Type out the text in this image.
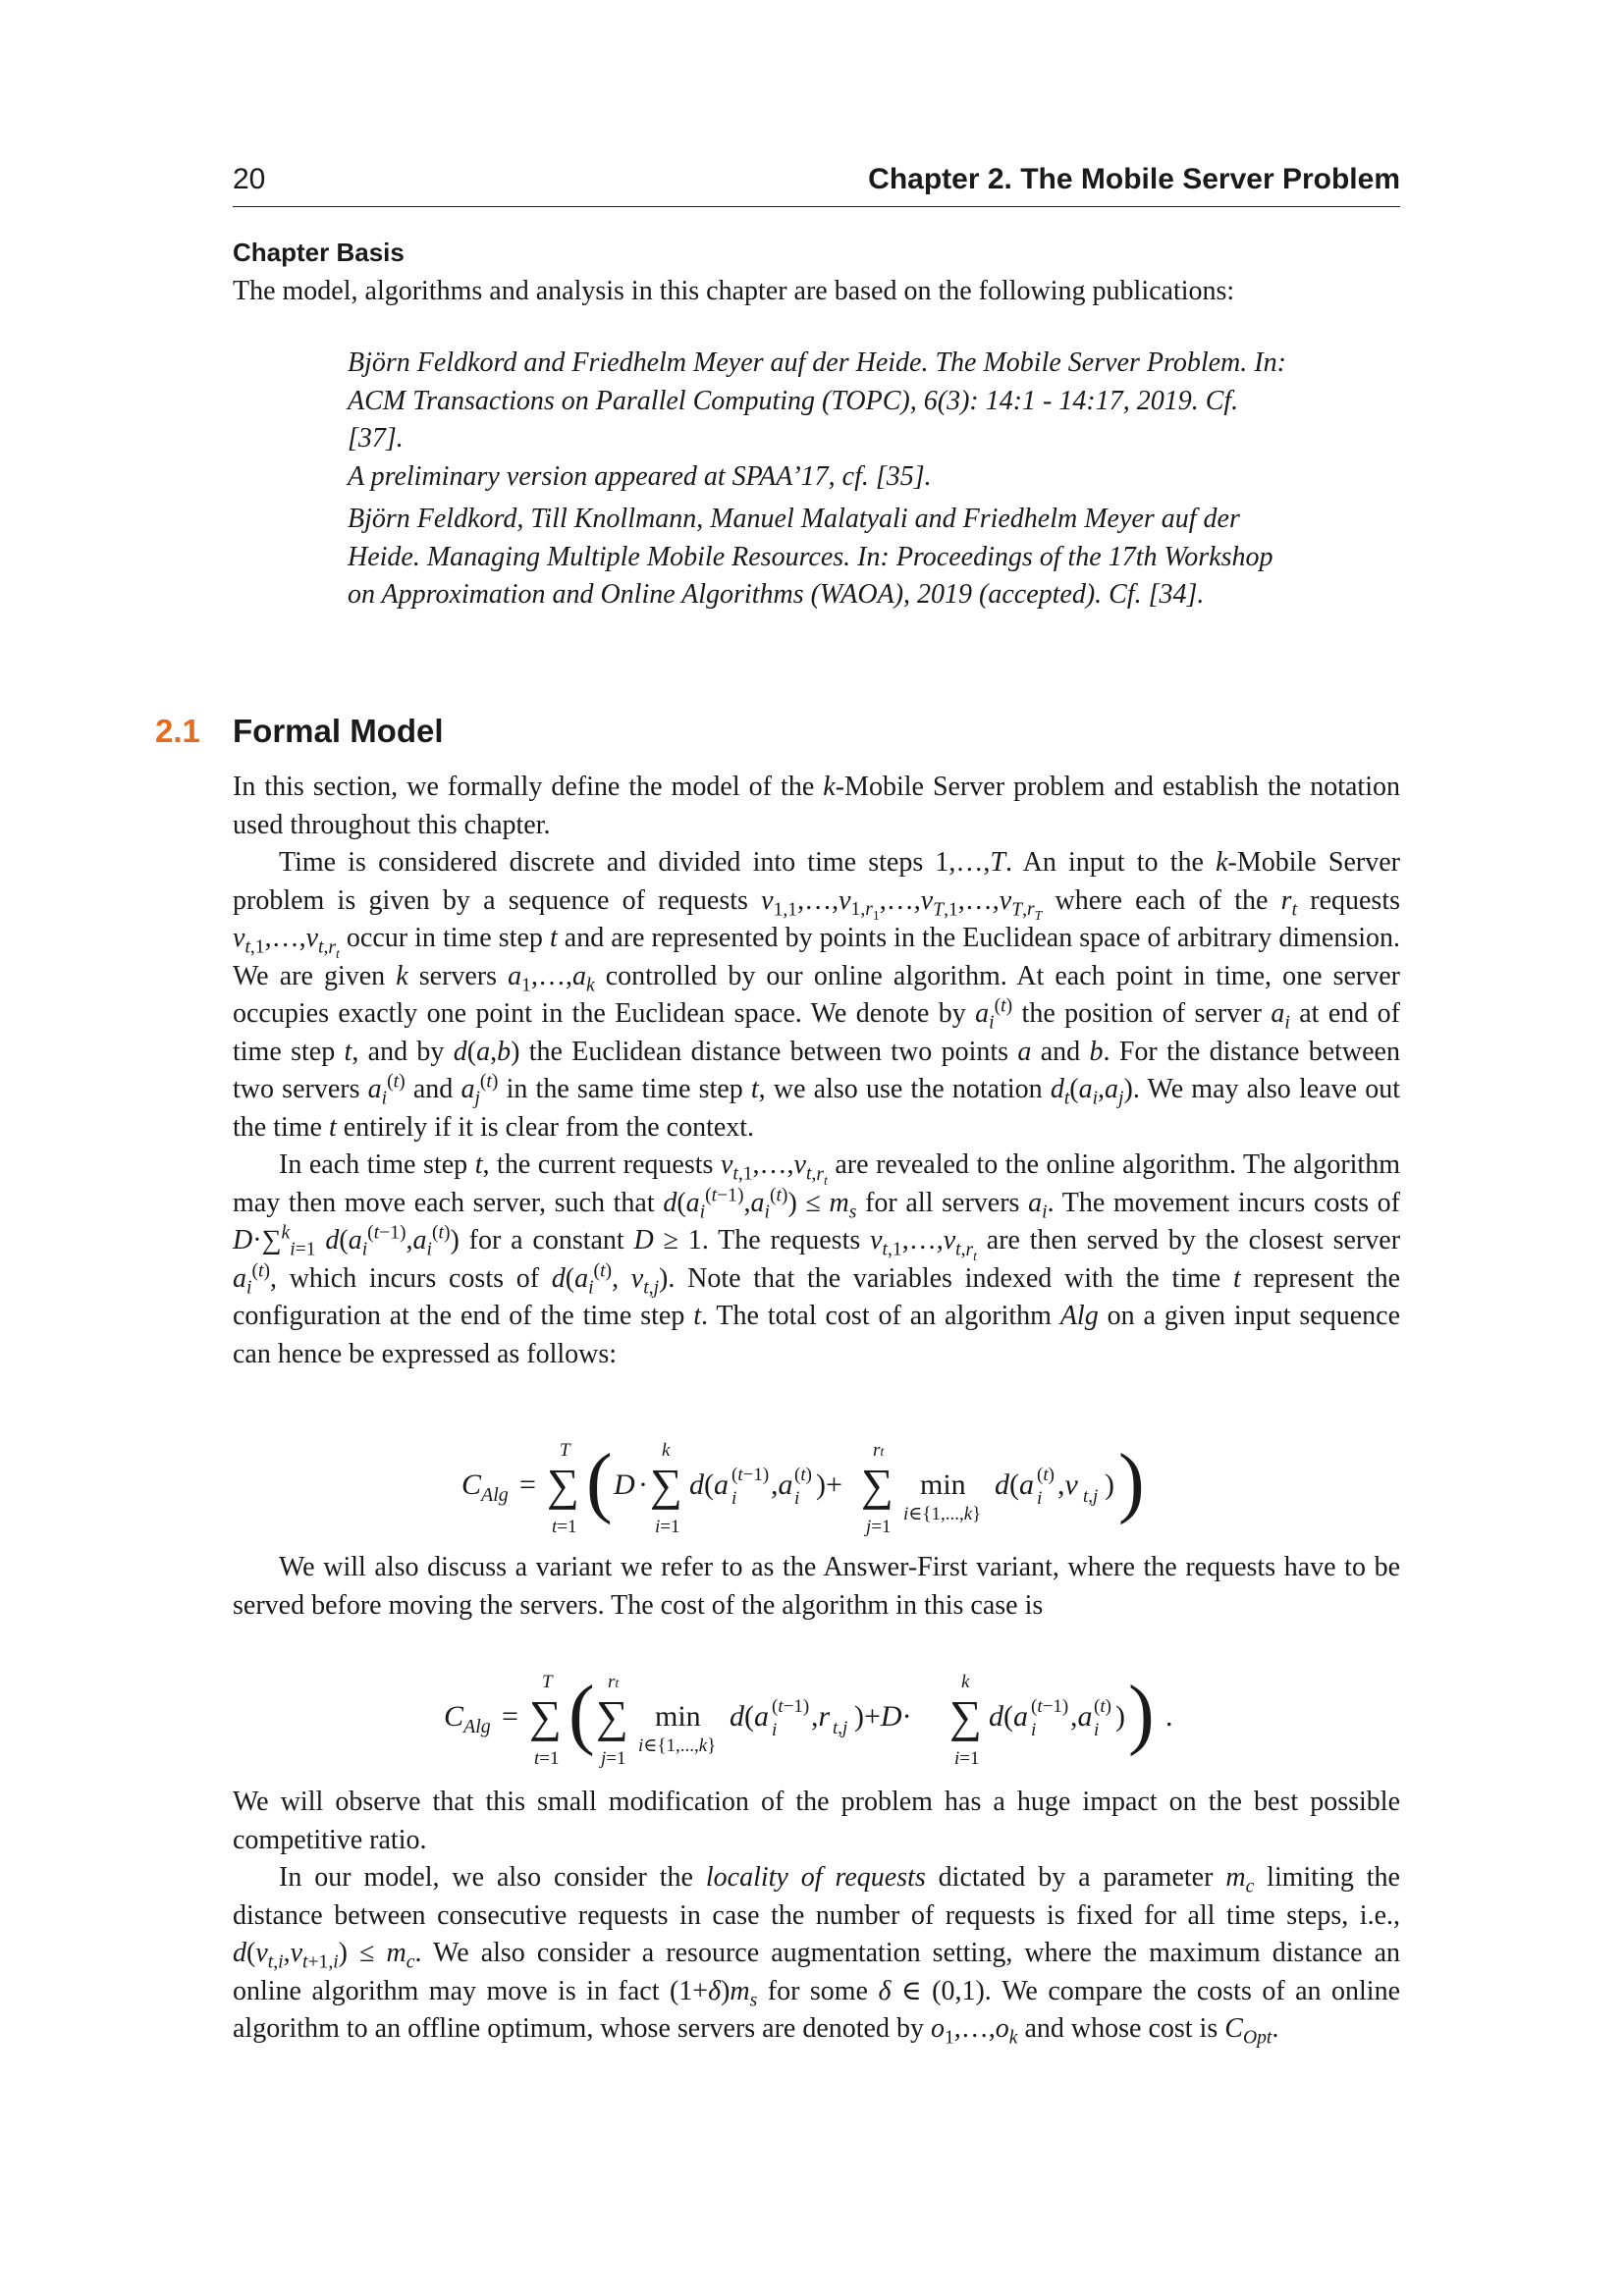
20	Chapter 2. The Mobile Server Problem
Chapter Basis
The model, algorithms and analysis in this chapter are based on the following publications:

Björn Feldkord and Friedhelm Meyer auf der Heide. The Mobile Server Problem. In: ACM Transactions on Parallel Computing (TOPC), 6(3): 14:1 - 14:17, 2019. Cf. [37].
A preliminary version appeared at SPAA’17, cf. [35].

Björn Feldkord, Till Knollmann, Manuel Malatyali and Friedhelm Meyer auf der Heide. Managing Multiple Mobile Resources. In: Proceedings of the 17th Workshop on Approximation and Online Algorithms (WAOA), 2019 (accepted). Cf. [34].

2.1 Formal Model

In this section, we formally define the model of the k-Mobile Server problem and establish the notation used throughout this chapter.

Time is considered discrete and divided into time steps 1,…,T. An input to the k-Mobile Server problem is given by a sequence of requests $v_{1,1},\dots,v_{1,r_1},\dots,v_{T,1},\dots,v_{T,r_T}$ where each of the $r_t$ requests $v_{t,1},\dots,v_{t,r_t}$ occur in time step t and are represented by points in the Euclidean space of arbitrary dimension. We are given k servers $a_1,\dots,a_k$ controlled by our online algorithm. At each point in time, one server occupies exactly one point in the Euclidean space. We denote by $a_i^{(t)}$ the position of server $a_i$ at end of time step t, and by d(a,b) the Euclidean distance between two points a and b. For the distance between two servers $a_i^{(t)}$ and $a_j^{(t)}$ in the same time step t, we also use the notation $d_t(a_i,a_j)$. We may also leave out the time t entirely if it is clear from the context.

In each time step t, the current requests $v_{t,1},\dots,v_{t,r_t}$ are revealed to the online algorithm. The algorithm may then move each server, such that $d(a_i^{(t-1)},a_i^{(t)}) \le m_s$ for all servers $a_i$. The movement incurs costs of D·∑$^k_{i=1}$ $d(a_i^{(t-1)},a_i^{(t)})$ for a constant D ≥ 1. The requests $v_{t,1},\dots,v_{t,r_t}$ are then served by the closest server $a_i^{(t)}$, which incurs costs of $d(a_i^{(t)}$, $v_{t,j}$). Note that the variables indexed with the time t represent the configuration at the end of the time step t. The total cost of an algorithm Alg on a given input sequence can hence be expressed as follows:

C Alg = ∑
T
t=1
( D · ∑
k
i=1
d(a i
(t−1) ,a i
(t) )+ ∑
rt
j=1
min
i∈{1,...,k}
d(a i
(t) ,v t,j ) )

We will also discuss a variant we refer to as the Answer-First variant, where the requests have to be served before moving the servers. The cost of the algorithm in this case is

C Alg = ∑
T
t=1
( ∑
rt
j=1
min
i∈{1,...,k}
d(a i
(t−1) ,r t,j )+D· ∑
k
i=1
d(a i
(t−1) ,a i
(t) ) ) .

We will observe that this small modification of the problem has a huge impact on the best possible competitive ratio.

In our model, we also consider the locality of requests dictated by a parameter $m_c$ limiting the distance between consecutive requests in case the number of requests is fixed for all time steps, i.e., $d(v_{t,i},v_{t+1,i}) \le m_c$. We also consider a resource augmentation setting, where the maximum distance an online algorithm may move is in fact $(1+\delta)m_s$ for some δ ∈ (0,1). We compare the costs of an online algorithm to an offline optimum, whose servers are denoted by $o_1,\dots,o_k$ and whose cost is $C_{Opt}$.
